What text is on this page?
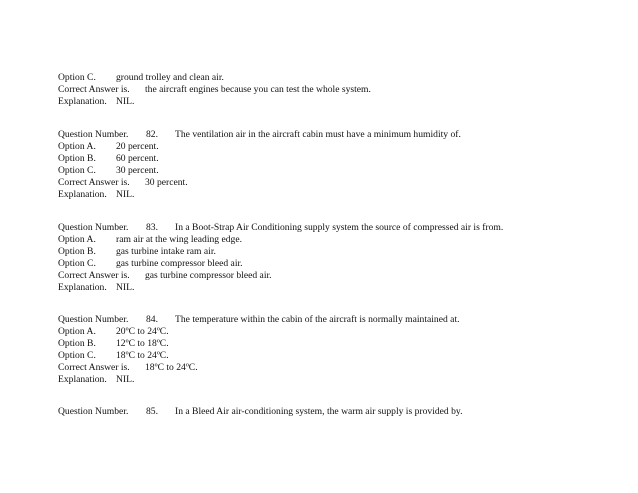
Option C. ground trolley and clean air.
Correct Answer is. the aircraft engines because you can test the whole system.
Explanation. NIL.
Question Number. 82. The ventilation air in the aircraft cabin must have a minimum humidity of.
Option A. 20 percent.
Option B. 60 percent.
Option C. 30 percent.
Correct Answer is. 30 percent.
Explanation. NIL.
Question Number. 83. In a Boot-Strap Air Conditioning supply system the source of compressed air is from.
Option A. ram air at the wing leading edge.
Option B. gas turbine intake ram air.
Option C. gas turbine compressor bleed air.
Correct Answer is. gas turbine compressor bleed air.
Explanation. NIL.
Question Number. 84. The temperature within the cabin of the aircraft is normally maintained at.
Option A. 20ºC to 24ºC.
Option B. 12ºC to 18ºC.
Option C. 18ºC to 24ºC.
Correct Answer is. 18ºC to 24ºC.
Explanation. NIL.
Question Number. 85. In a Bleed Air air-conditioning system, the warm air supply is provided by.
